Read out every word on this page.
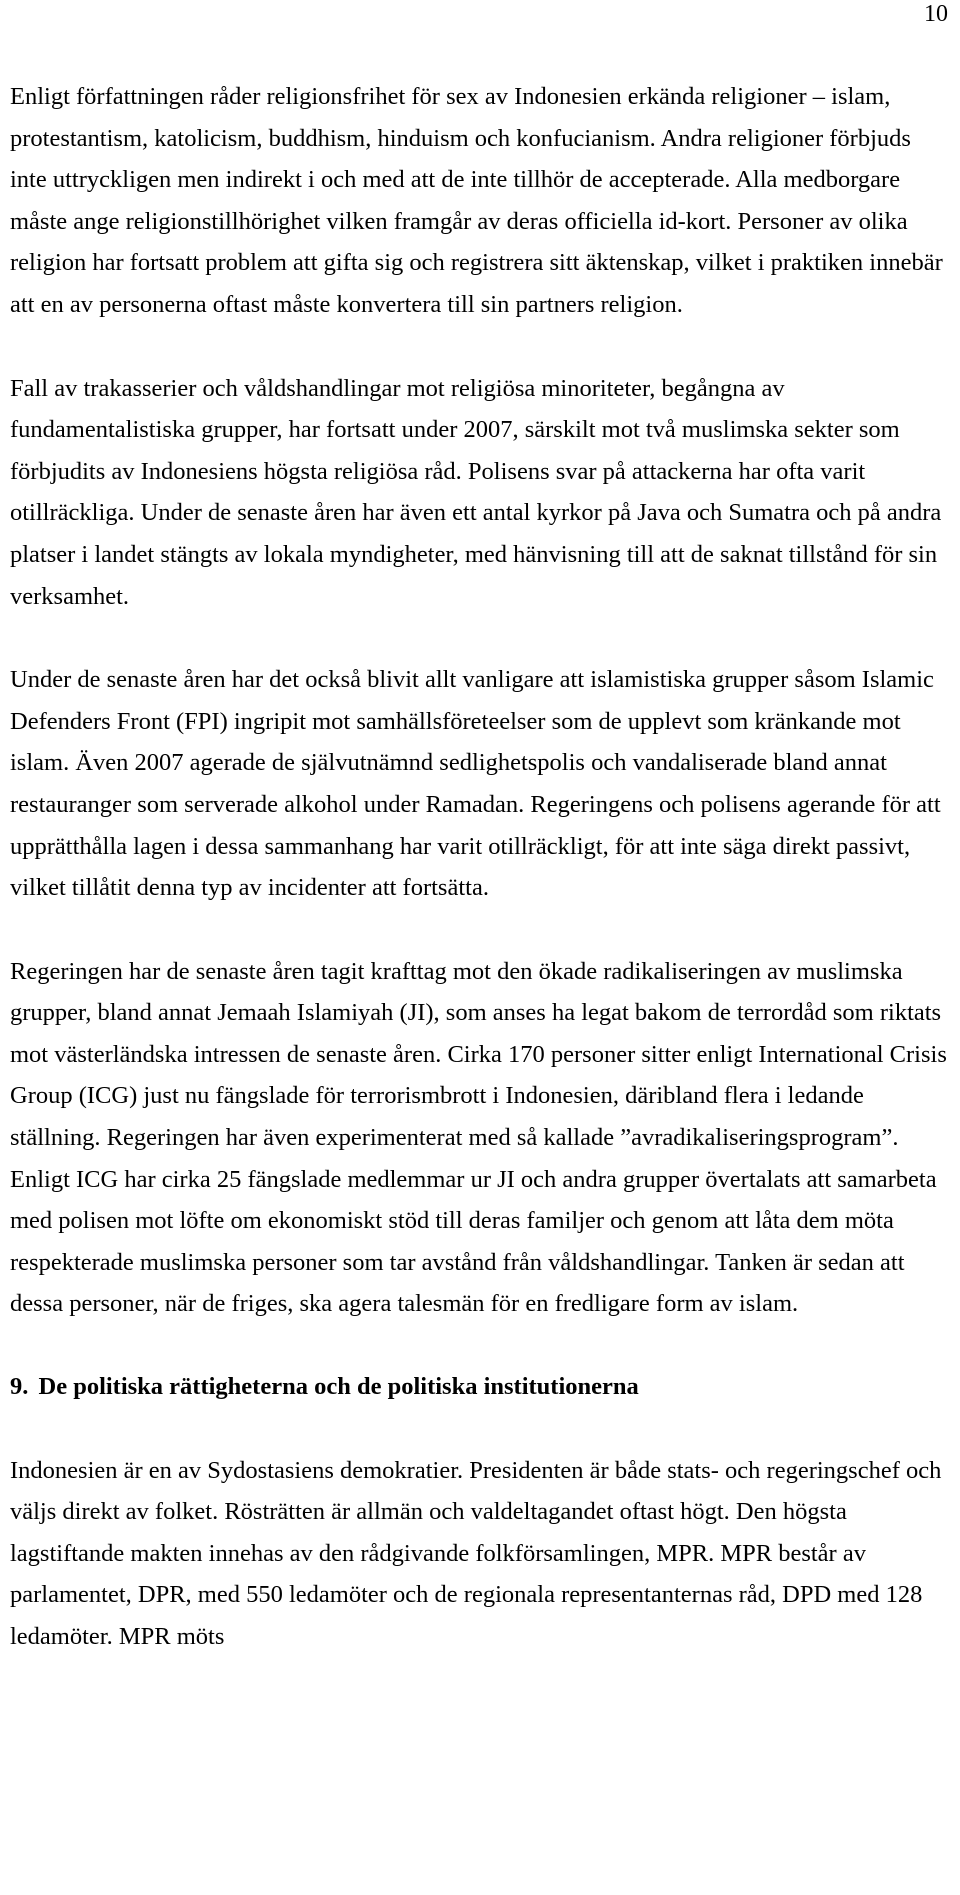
10

Enligt författningen råder religionsfrihet för sex av Indonesien erkända religioner – islam, protestantism, katolicism, buddhism, hinduism och konfucianism. Andra religioner förbjuds inte uttryckligen men indirekt i och med att de inte tillhör de accepterade. Alla medborgare måste ange religionstillhörighet vilken framgår av deras officiella id-kort. Personer av olika religion har fortsatt problem att gifta sig och registrera sitt äktenskap, vilket i praktiken innebär att en av personerna oftast måste konvertera till sin partners religion.

Fall av trakasserier och våldshandlingar mot religiösa minoriteter, begångna av fundamentalistiska grupper, har fortsatt under 2007, särskilt mot två muslimska sekter som förbjudits av Indonesiens högsta religiösa råd. Polisens svar på attackerna har ofta varit otillräckliga. Under de senaste åren har även ett antal kyrkor på Java och Sumatra och på andra platser i landet stängts av lokala myndigheter, med hänvisning till att de saknat tillstånd för sin verksamhet.

Under de senaste åren har det också blivit allt vanligare att islamistiska grupper såsom Islamic Defenders Front (FPI) ingripit mot samhällsföreteelser som de upplevt som kränkande mot islam. Även 2007 agerade de självutnämnd sedlighetspolis och vandaliserade bland annat restauranger som serverade alkohol under Ramadan. Regeringens och polisens agerande för att upprätthålla lagen i dessa sammanhang har varit otillräckligt, för att inte säga direkt passivt, vilket tillåtit denna typ av incidenter att fortsätta.

Regeringen har de senaste åren tagit krafttag mot den ökade radikaliseringen av muslimska grupper, bland annat Jemaah Islamiyah (JI), som anses ha legat bakom de terrordåd som riktats mot västerländska intressen de senaste åren. Cirka 170 personer sitter enligt International Crisis Group (ICG) just nu fängslade för terrorismbrott i Indonesien, däribland flera i ledande ställning. Regeringen har även experimenterat med så kallade ”avradikaliseringsprogram”. Enligt ICG har cirka 25 fängslade medlemmar ur JI och andra grupper övertalats att samarbeta med polisen mot löfte om ekonomiskt stöd till deras familjer och genom att låta dem möta respekterade muslimska personer som tar avstånd från våldshandlingar. Tanken är sedan att dessa personer, när de friges, ska agera talesmän för en fredligare form av islam.

9. De politiska rättigheterna och de politiska institutionerna

Indonesien är en av Sydostasiens demokratier. Presidenten är både stats- och regeringschef och väljs direkt av folket. Rösträtten är allmän och valdeltagandet oftast högt. Den högsta lagstiftande makten innehas av den rådgivande folkförsamlingen, MPR. MPR består av parlamentet, DPR, med 550 ledamöter och de regionala representanternas råd, DPD med 128 ledamöter. MPR möts
